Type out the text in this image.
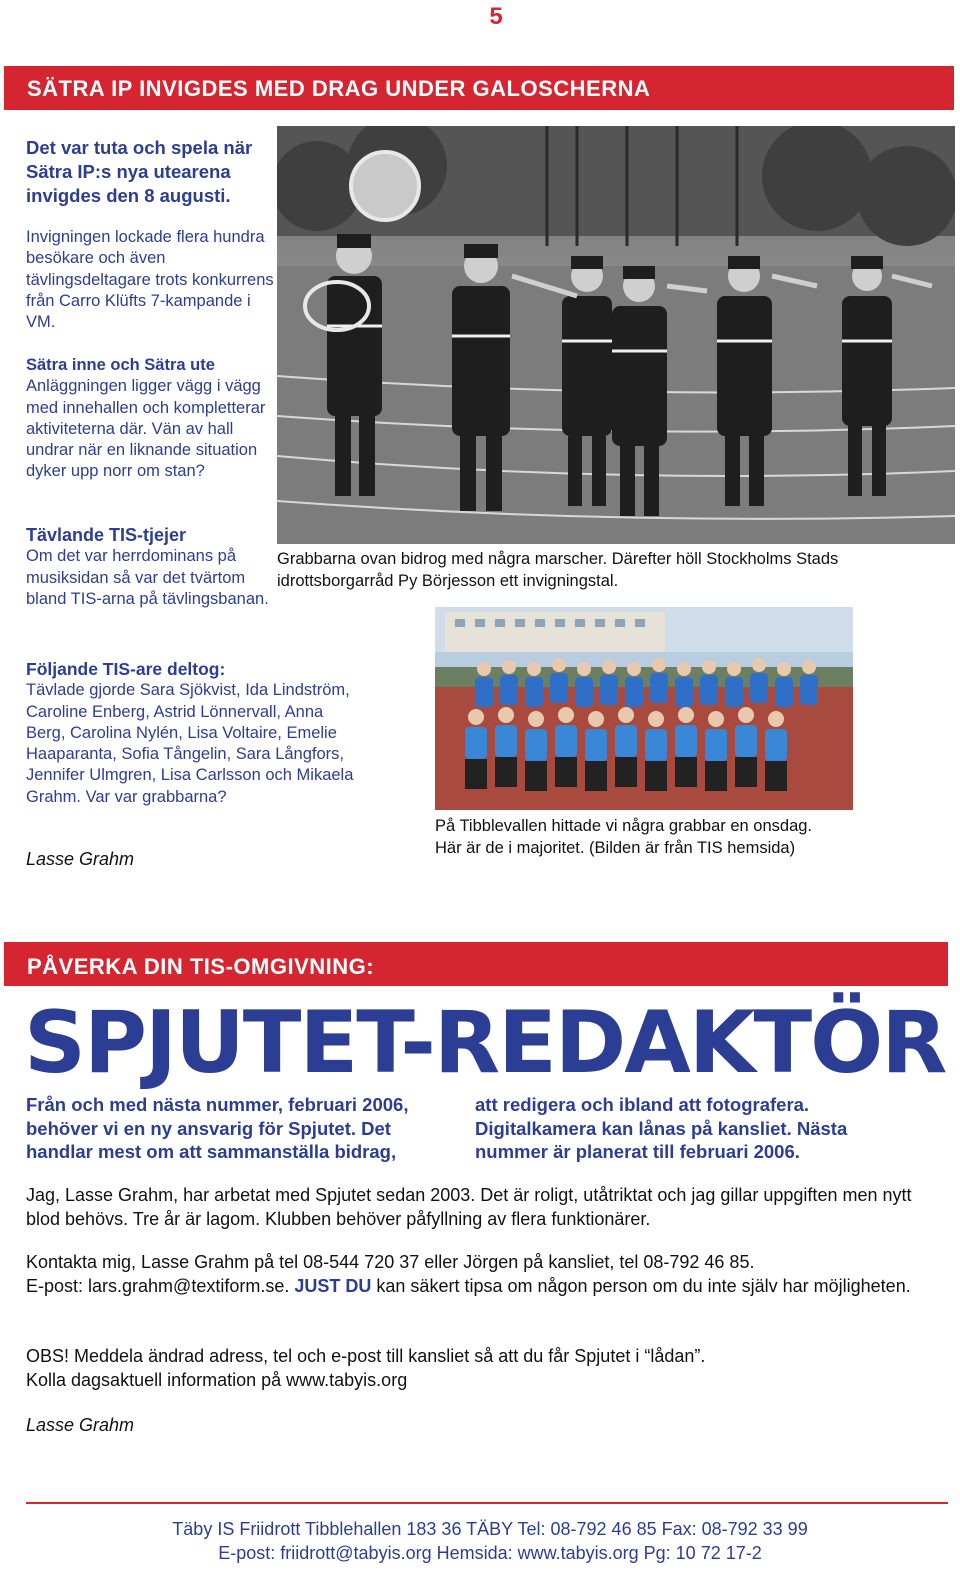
5
SÄTRA IP INVIGDES MED DRAG UNDER GALOSCHERNA
Det var tuta och spela när Sätra IP:s nya utearena invigdes den 8 augusti.
Invigningen lockade flera hundra besökare och även tävlingsdeltagare trots konkurrens från Carro Klüfts 7-kampande i VM.
Sätra inne och Sätra ute
Anläggningen ligger vägg i vägg med innehallen och kompletterar aktiviteterna där. Vän av hall undrar när en liknande situation dyker upp norr om stan?
Tävlande TIS-tjejer
Om det var herrdominans på musiksidan så var det tvärtom bland TIS-arna på tävlingsbanan.
Följande TIS-are deltog:
Tävlade gjorde Sara Sjökvist, Ida Lindström, Caroline Enberg, Astrid Lönnervall, Anna Berg, Carolina Nylén, Lisa Voltaire, Emelie Haaparanta, Sofia Tångelin, Sara Långfors, Jennifer Ulmgren, Lisa Carlsson och Mikaela Grahm. Var var grabbarna?
Lasse Grahm
Grabbarna ovan bidrog med några marscher. Därefter höll Stockholms Stads idrottsborgarråd Py Börjesson ett invigningstal.
På Tibblevallen hittade vi några grabbar en onsdag.
Här är de i majoritet. (Bilden är från TIS hemsida)
PÅVERKA DIN TIS-OMGIVNING:
SPJUTET-REDAKTÖR
Från och med nästa nummer, februari 2006, behöver vi en ny ansvarig för Spjutet. Det handlar mest om att sammanställa bidrag,
att redigera och ibland att fotografera. Digitalkamera kan lånas på kansliet. Nästa nummer är planerat till februari 2006.
Jag, Lasse Grahm, har arbetat med Spjutet sedan 2003. Det är roligt, utåtriktat och jag gillar uppgiften men nytt blod behövs. Tre år är lagom. Klubben behöver påfyllning av flera funktionärer.
Kontakta mig, Lasse Grahm på tel 08-544 720 37 eller Jörgen på kansliet, tel 08-792 46 85.
E-post: lars.grahm@textiform.se. JUST DU kan säkert tipsa om någon person om du inte själv har möjligheten.
OBS! Meddela ändrad adress, tel och e-post till kansliet så att du får Spjutet i “lådan”.
Kolla dagsaktuell information på www.tabyis.org
Lasse Grahm
Täby IS Friidrott Tibblehallen 183 36 TÄBY Tel: 08-792 46 85 Fax: 08-792 33 99
E-post: friidrott@tabyis.org Hemsida: www.tabyis.org Pg: 10 72 17-2
